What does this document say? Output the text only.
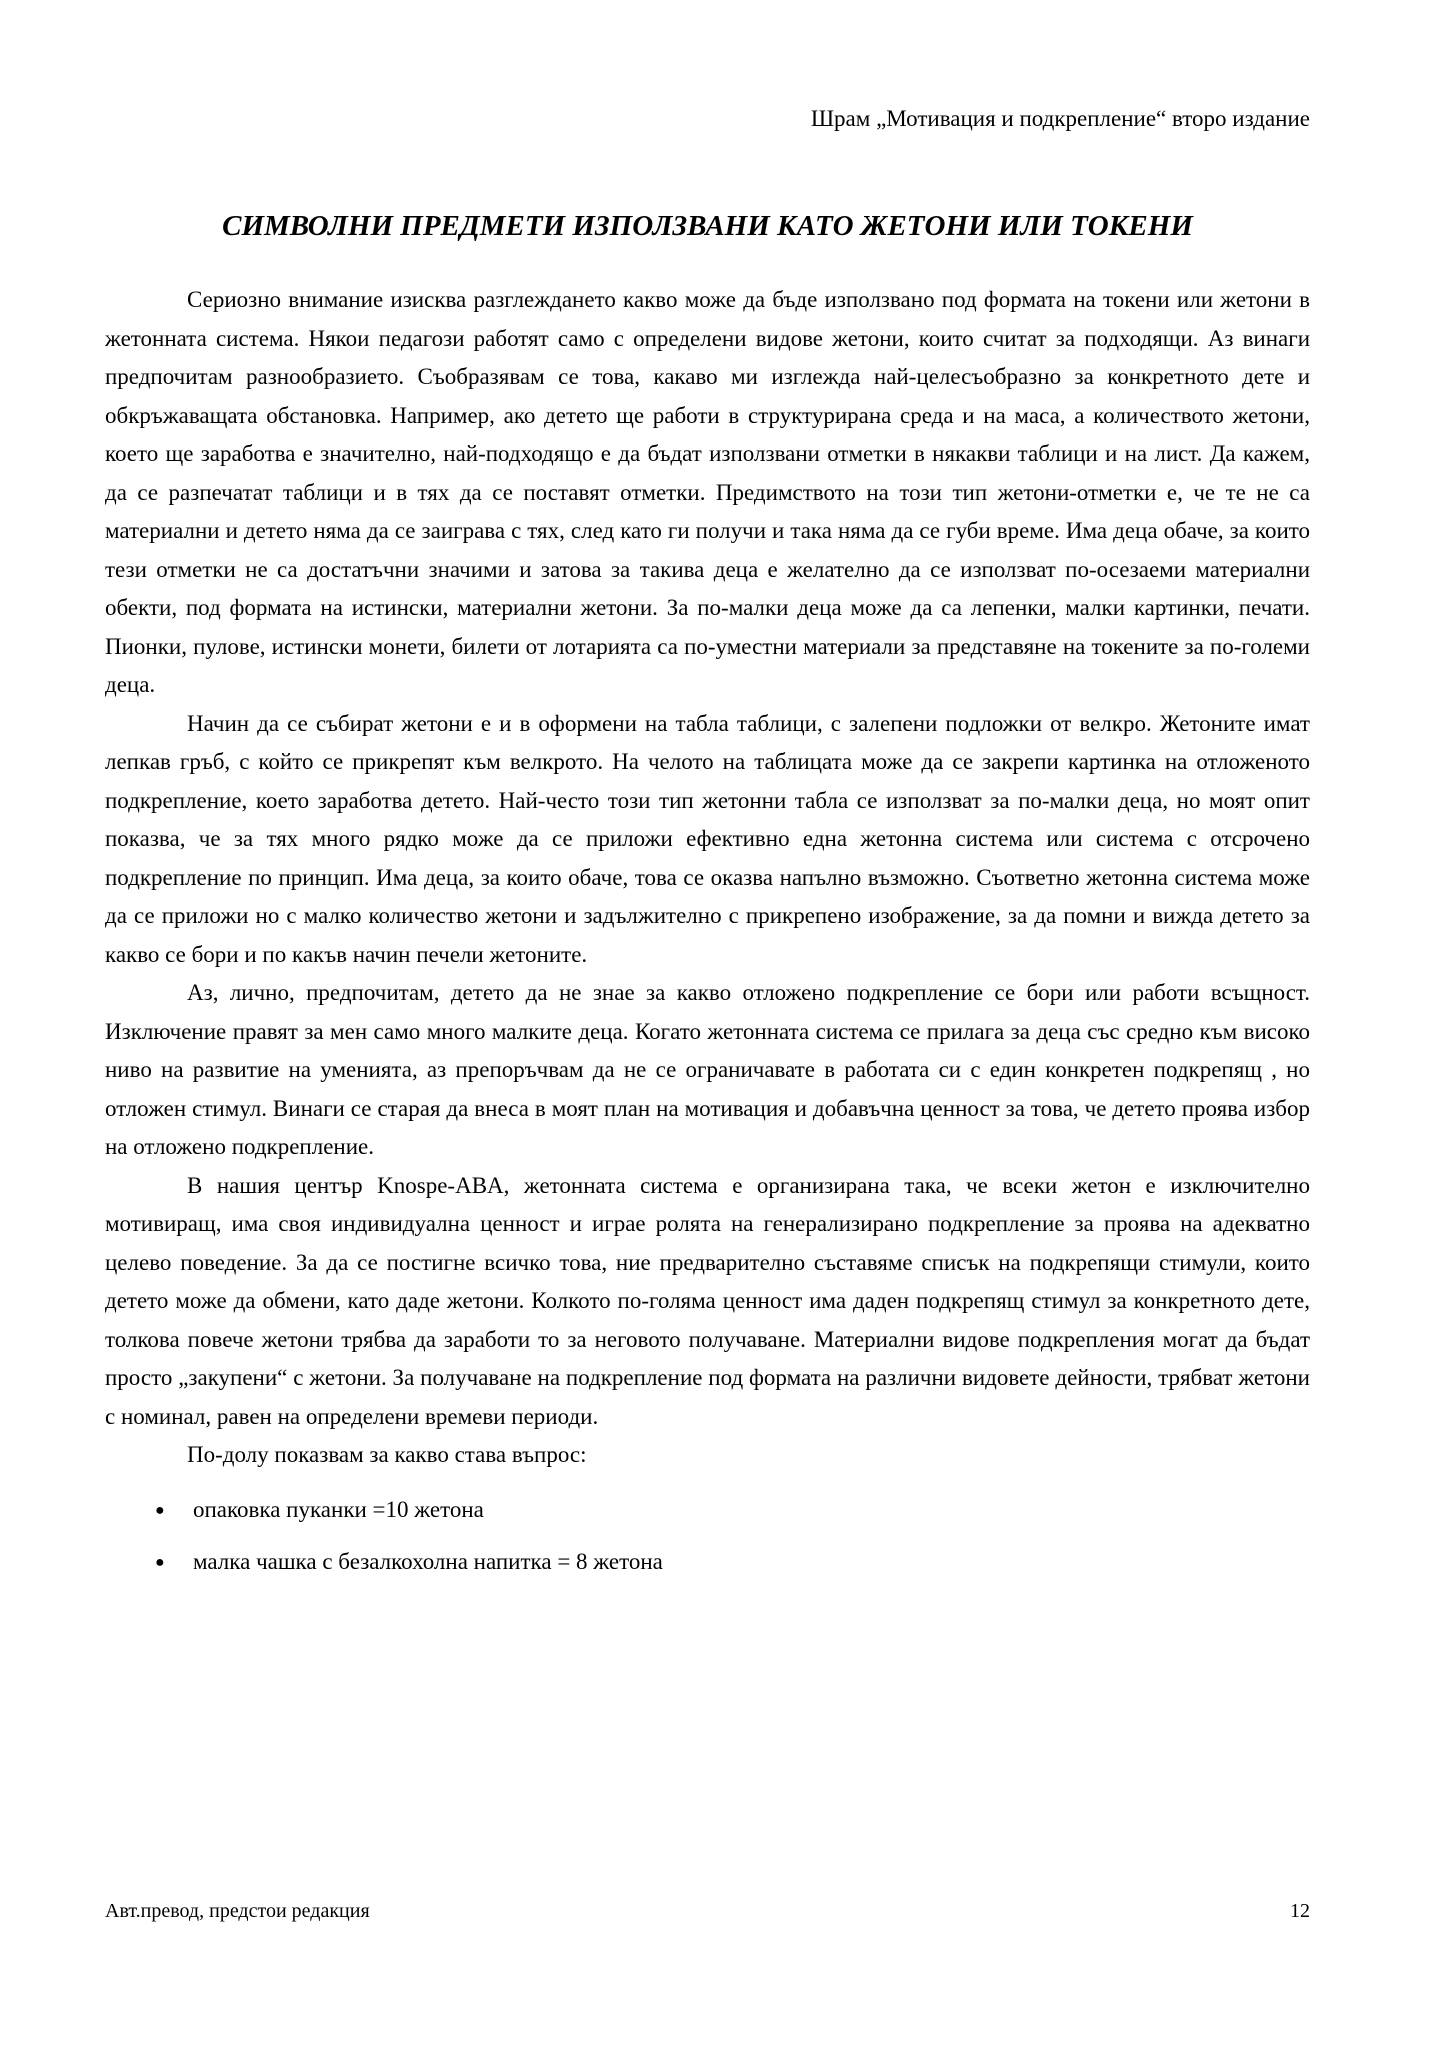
Шрам „Мотивация и подкрепление“ второ издание
СИМВОЛНИ ПРЕДМЕТИ ИЗПОЛЗВАНИ КАТО ЖЕТОНИ ИЛИ ТОКЕНИ

Сериозно внимание изисква разглеждането какво може да бъде използвано под формата на токени или жетони в жетонната система. Някои педагози работят само с определени видове жетони, които считат за подходящи. Аз винаги предпочитам разнообразието. Съобразявам се това, какаво ми изглежда най-целесъобразно за конкретното дете и обкръжаващата обстановка. Например, ако детето ще работи в структурирана среда и на маса, а количеството жетони, което ще заработва е значително, най-подходящо е да бъдат използвани отметки в някакви таблици и на лист. Да кажем, да се разпечатат таблици и в тях да се поставят отметки. Предимството на този тип жетони-отметки е, че те не са материални и детето няма да се заиграва с тях, след като ги получи и така няма да се губи време. Има деца обаче, за които тези отметки не са достатъчни значими и затова за такива деца е желателно да се използват по-осезаеми материални обекти, под формата на истински, материални жетони. За по-малки деца може да са лепенки, малки картинки, печати. Пионки, пулове, истински монети, билети от лотарията са по-уместни материали за представяне на токените за по-големи деца.

Начин да се събират жетони е и в оформени на табла таблици, с залепени подложки от велкро. Жетоните имат лепкав гръб, с който се прикрепят към велкрото. На челото на таблицата може да се закрепи картинка на отложеното подкрепление, което заработва детето. Най-често този тип жетонни табла се използват за по-малки деца, но моят опит показва, че за тях много рядко може да се приложи ефективно една жетонна система или система с отсрочено подкрепление по принцип. Има деца, за които обаче, това се оказва напълно възможно. Съответно жетонна система може да се приложи но с малко количество жетони и задължително с прикрепено изображение, за да помни и вижда детето за какво се бори и по какъв начин печели жетоните.

Аз, лично, предпочитам, детето да не знае за какво отложено подкрепление се бори или работи всъщност. Изключение правят за мен само много малките деца. Когато жетонната система се прилага за деца със средно към високо ниво на развитие на уменията, аз препоръчвам да не се ограничавате в работата си с един конкретен подкрепящ , но отложен стимул. Винаги се старая да внеса в моят план на мотивация и добавъчна ценност за това, че детето проява избор на отложено подкрепление.

В нашия център Knospe-ABA, жетонната система е организирана така, че всеки жетон е изключително мотивиращ, има своя индивидуална ценност и играе ролята на генерализирано подкрепление за проява на адекватно целево поведение. За да се постигне всичко това, ние предварително съставяме списък на подкрепящи стимули, които детето може да обмени, като даде жетони. Колкото по-голяма ценност има даден подкрепящ стимул за конкретното дете, толкова повече жетони трябва да заработи то за неговото получаване. Материални видове подкрепления могат да бъдат просто „закупени“ с жетони. За получаване на подкрепление под формата на различни видовете дейности, трябват жетони с номинал, равен на определени времеви периоди.

По-долу показвам за какво става въпрос:

● опаковка пуканки =10 жетона
● малка чашка с безалкохолна напитка = 8 жетона
Авт.превод, предстои редакция	12
